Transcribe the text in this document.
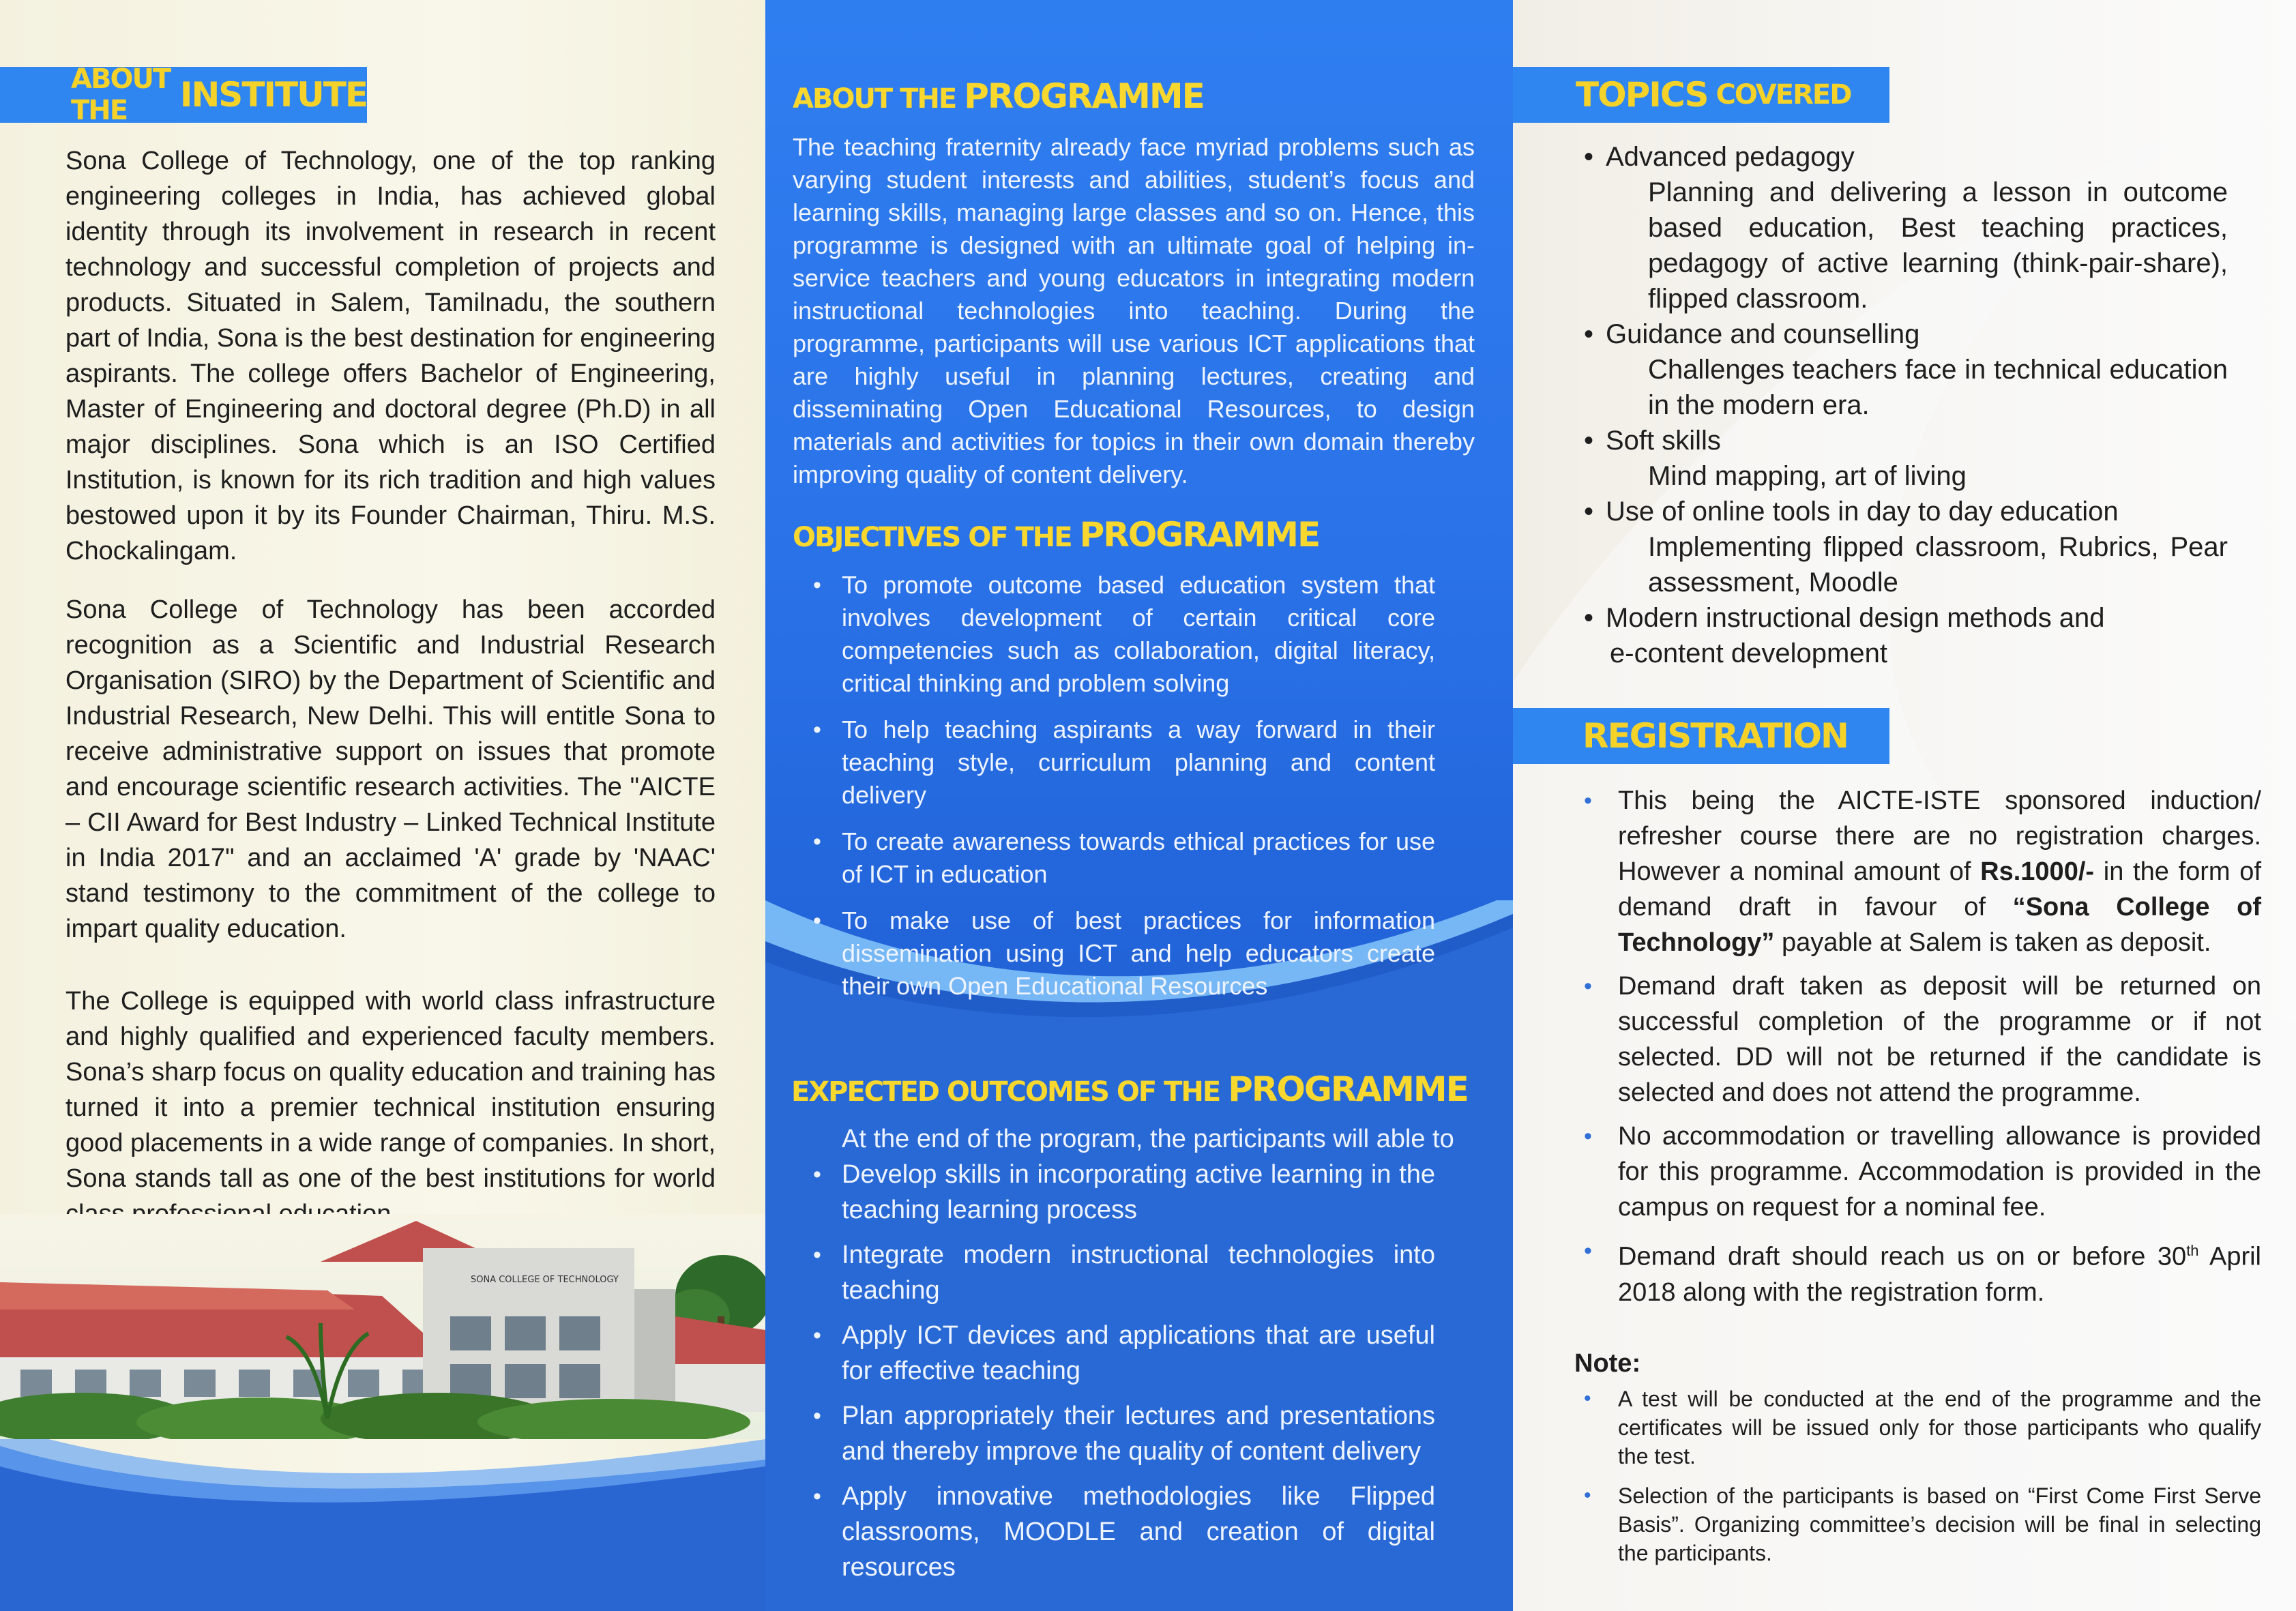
ABOUT THE	INSTITUTE

Sona College of Technology, one of the top ranking engineering colleges in India, has achieved global identity through its involvement in research in recent technology and successful completion of projects and products. Situated in Salem, Tamilnadu, the southern part of India, Sona is the best destination for engineering aspirants. The college offers Bachelor of Engineering, Master of Engineering and doctoral degree (Ph.D) in all major disciplines. Sona which is an ISO Certified Institution, is known for its rich tradition and high values bestowed upon it by its Founder Chairman, Thiru. M.S. Chockalingam.

Sona College of Technology has been accorded recognition as a Scientific and Industrial Research Organisation (SIRO) by the Department of Scientific and Industrial Research, New Delhi. This will entitle Sona to receive administrative support on issues that promote and encourage scientific research activities. The "AICTE – CII Award for Best Industry – Linked Technical Institute in India 2017" and an acclaimed 'A' grade by 'NAAC' stand testimony to the commitment of the college to impart quality education.

The College is equipped with world class infrastructure and highly qualified and experienced faculty members. Sona’s sharp focus on quality education and training has turned it into a premier technical institution ensuring good placements in a wide range of companies. In short, Sona stands tall as one of the best institutions for world

SONA COLLEGE OF TECHNOLOGY
ABOUT THE PROGRAMME

The teaching fraternity already face myriad problems such as varying student interests and abilities, student’s focus and learning skills, managing large classes and so on. Hence, this programme is designed with an ultimate goal of helping in-service teachers and young educators in integrating modern instructional technologies into teaching. During the programme, participants will use various ICT applications that are highly useful in planning lectures, creating and disseminating Open Educational Resources, to design materials and activities for topics in their own domain thereby improving quality of content delivery.

OBJECTIVES OF THE PROGRAMME
• To promote outcome based education system that involves development of certain critical core competencies such as collaboration, digital literacy, critical thinking and problem solving
• To help teaching aspirants a way forward in their teaching style, curriculum planning and content delivery
• To create awareness towards ethical practices for use of ICT in education
• To make use of best practices for information dissemination using ICT and help educators create their own Open Educational Resources
EXPECTED OUTCOMES OF THE PROGRAMME
At the end of the program, the participants will able to
• Develop skills in incorporating active learning in the teaching learning process
• Integrate modern instructional technologies into teaching
• Apply ICT devices and applications that are useful for effective teaching
• Plan appropriately their lectures and presentations and thereby improve the quality of content delivery
• Apply innovative methodologies like Flipped classrooms, MOODLE and creation of digital resources
TOPICS COVERED
• Advanced pedagogy
Planning and delivering a lesson in outcome based education, Best teaching practices, pedagogy of active learning (think-pair-share), flipped classroom.
• Guidance and counselling
Challenges teachers face in technical education in the modern era.
• Soft skills
Mind mapping, art of living
• Use of online tools in day to day education
Implementing flipped classroom, Rubrics, Pear assessment, Moodle
• Modern instructional design methods and
e-content development
REGISTRATION
• This being the AICTE-ISTE sponsored induction/ refresher course there are no registration charges. However a nominal amount of Rs.1000/- in the form of demand draft in favour of “Sona College of Technology” payable at Salem is taken as deposit.
• Demand draft taken as deposit will be returned on successful completion of the programme or if not selected. DD will not be returned if the candidate is selected and does not attend the programme.
• No accommodation or travelling allowance is provided for this programme. Accommodation is provided in the campus on request for a nominal fee.
• Demand draft should reach us on or before 30th April 2018 along with the registration form.
Note:
• A test will be conducted at the end of the programme and the certificates will be issued only for those participants who qualify the test.
• Selection of the participants is based on “First Come First Serve Basis”. Organizing committee’s decision will be final in selecting the participants.
